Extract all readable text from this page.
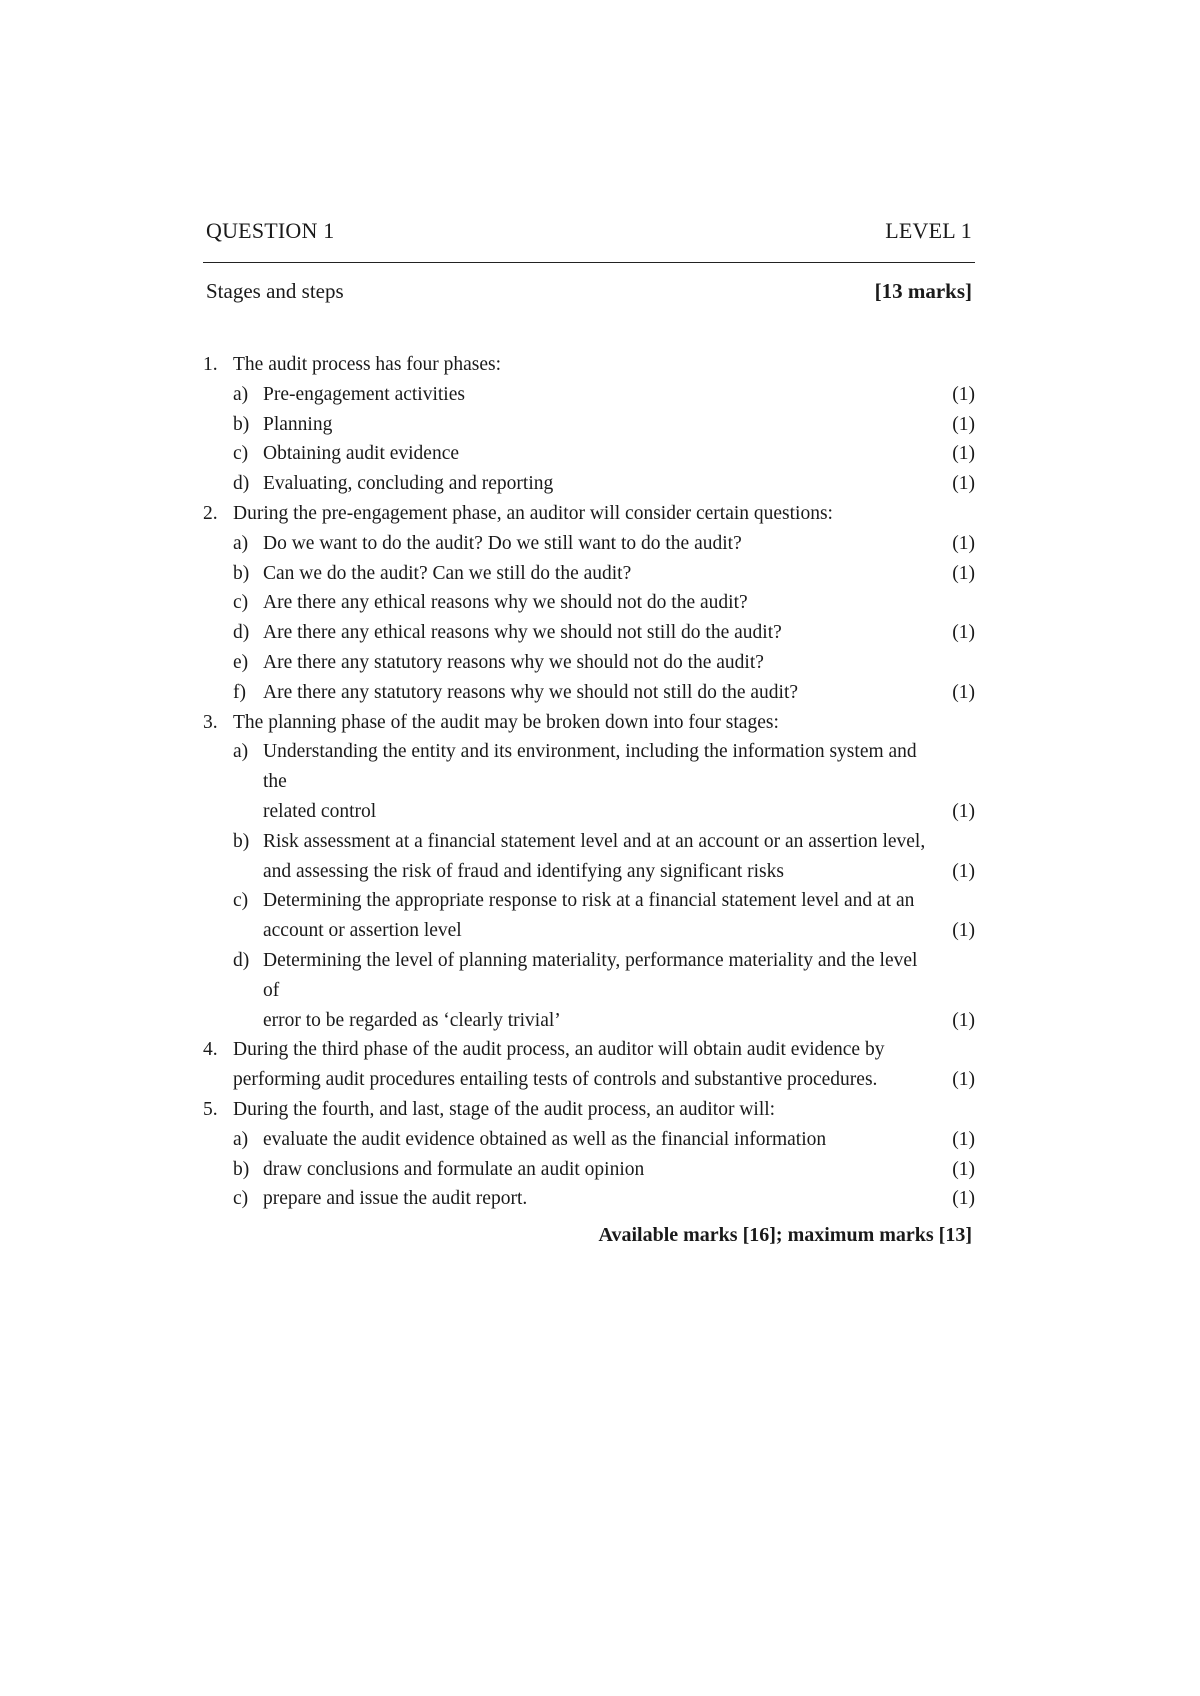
QUESTION 1	LEVEL 1
Stages and steps	[13 marks]
1. The audit process has four phases:
a) Pre-engagement activities	(1)
b) Planning	(1)
c) Obtaining audit evidence	(1)
d) Evaluating, concluding and reporting	(1)
2. During the pre-engagement phase, an auditor will consider certain questions:
a) Do we want to do the audit? Do we still want to do the audit?	(1)
b) Can we do the audit? Can we still do the audit?	(1)
c) Are there any ethical reasons why we should not do the audit?
d) Are there any ethical reasons why we should not still do the audit?	(1)
e) Are there any statutory reasons why we should not do the audit?
f) Are there any statutory reasons why we should not still do the audit?	(1)
3. The planning phase of the audit may be broken down into four stages:
a) Understanding the entity and its environment, including the information system and the
related control	(1)
b) Risk assessment at a financial statement level and at an account or an assertion level,
and assessing the risk of fraud and identifying any significant risks	(1)
c) Determining the appropriate response to risk at a financial statement level and at an
account or assertion level	(1)
d) Determining the level of planning materiality, performance materiality and the level of
error to be regarded as ‘clearly trivial’	(1)
4. During the third phase of the audit process, an auditor will obtain audit evidence by
performing audit procedures entailing tests of controls and substantive procedures.	(1)
5. During the fourth, and last, stage of the audit process, an auditor will:
a) evaluate the audit evidence obtained as well as the financial information	(1)
b) draw conclusions and formulate an audit opinion	(1)
c) prepare and issue the audit report.	(1)
Available marks [16]; maximum marks [13]
